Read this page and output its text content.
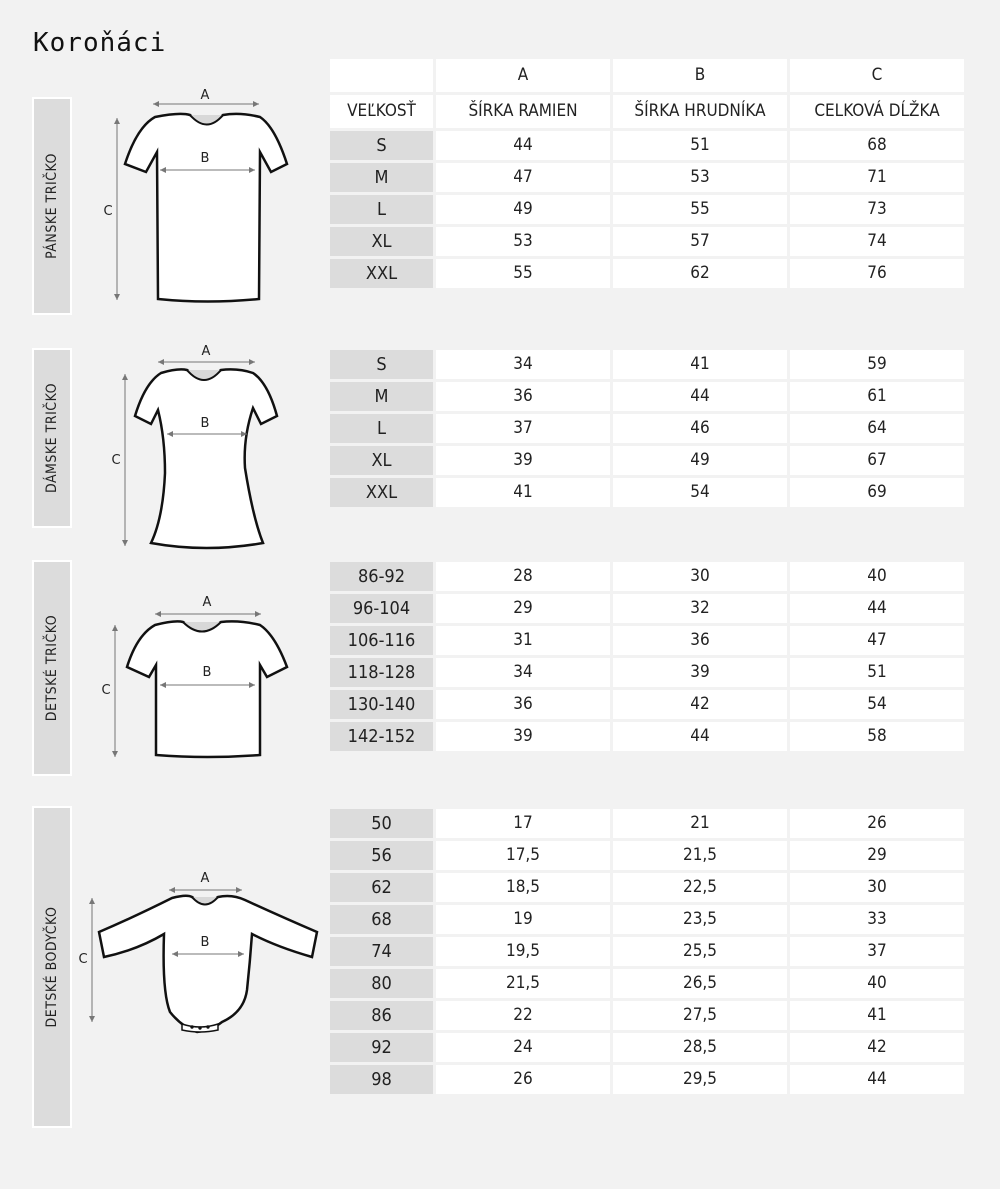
Koroňáci
PÁNSKE TRIČKO
A
B
C
	A	B	C
VEĽKOSŤ	ŠÍRKA RAMIEN	ŠÍRKA HRUDNÍKA	CELKOVÁ DĹŽKA
S	44	51	68
M	47	53	71
L	49	55	73
XL	53	57	74
XXL	55	62	76
DÁMSKE TRIČKO
A
B
C
S	34	41	59
M	36	44	61
L	37	46	64
XL	39	49	67
XXL	41	54	69
DETSKÉ TRIČKO
A
B
C
86-92	28	30	40
96-104	29	32	44
106-116	31	36	47
118-128	34	39	51
130-140	36	42	54
142-152	39	44	58
DETSKÉ BODYČKO
A
B
C
50	17	21	26
56	17,5	21,5	29
62	18,5	22,5	30
68	19	23,5	33
74	19,5	25,5	37
80	21,5	26,5	40
86	22	27,5	41
92	24	28,5	42
98	26	29,5	44
